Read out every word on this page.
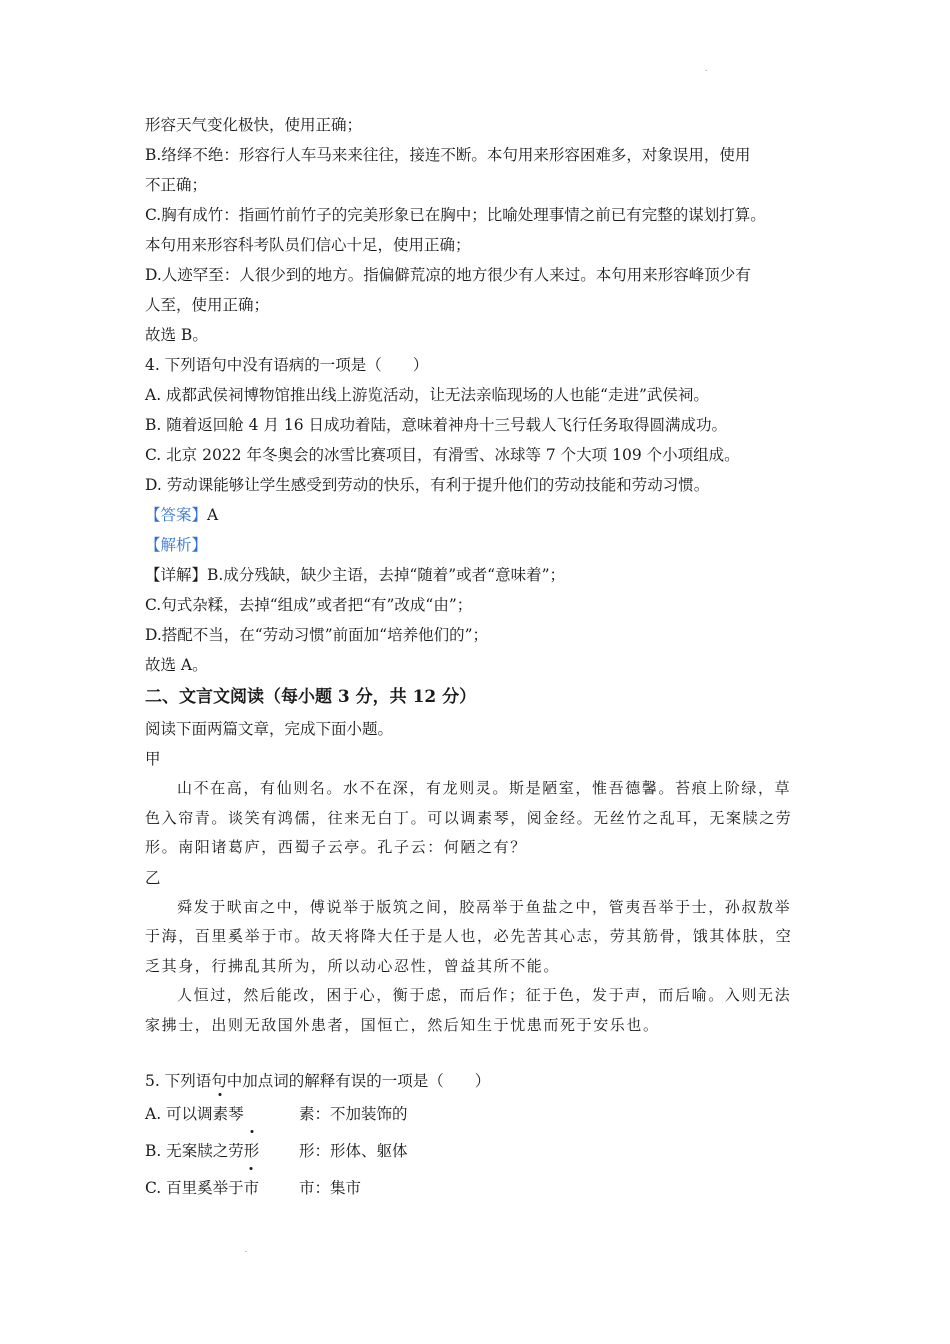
形容天气变化极快，使用正确；
B.络绎不绝：形容行人车马来来往往，接连不断。本句用来形容困难多，对象误用，使用
不正确；
C.胸有成竹：指画竹前竹子的完美形象已在胸中；比喻处理事情之前已有完整的谋划打算。
本句用来形容科考队员们信心十足，使用正确；
D.人迹罕至：人很少到的地方。指偏僻荒凉的地方很少有人来过。本句用来形容峰顶少有
人至，使用正确；
故选 B。
4. 下列语句中没有语病的一项是（　　）
A. 成都武侯祠博物馆推出线上游览活动，让无法亲临现场的人也能“走进”武侯祠。
B. 随着返回舱 4 月 16 日成功着陆，意味着神舟十三号载人飞行任务取得圆满成功。
C. 北京 2022 年冬奥会的冰雪比赛项目，有滑雪、冰球等 7 个大项 109 个小项组成。
D. 劳动课能够让学生感受到劳动的快乐，有利于提升他们的劳动技能和劳动习惯。
【答案】A
【解析】
【详解】B.成分残缺，缺少主语，去掉“随着”或者“意味着”；
C.句式杂糅，去掉“组成”或者把“有”改成“由”；
D.搭配不当，在“劳动习惯”前面加“培养他们的”；
故选 A。
二、文言文阅读（每小题 3 分，共 12 分）
阅读下面两篇文章，完成下面小题。
甲
山不在高，有仙则名。水不在深，有龙则灵。斯是陋室，惟吾德馨。苔痕上阶绿，草
色入帘青。谈笑有鸿儒，往来无白丁。可以调素琴，阅金经。无丝竹之乱耳，无案牍之劳
形。南阳诸葛庐，西蜀子云亭。孔子云：何陋之有？
乙
舜发于畎亩之中，傅说举于版筑之间，胶鬲举于鱼盐之中，管夷吾举于士，孙叔敖举
于海，百里奚举于市。故天将降大任于是人也，必先苦其心志，劳其筋骨，饿其体肤，空
乏其身，行拂乱其所为，所以动心忍性，曾益其所不能。
人恒过，然后能改，困于心，衡于虑，而后作；征于色，发于声，而后喻。入则无法
家拂士，出则无敌国外患者，国恒亡，然后知生于忧患而死于安乐也。
5. 下列语句中加点词的解释有误的一项是（　　）
A. 可以调素琴	素：不加装饰的
B. 无案牍之劳形	形：形体、躯体
C. 百里奚举于市	市：集市
